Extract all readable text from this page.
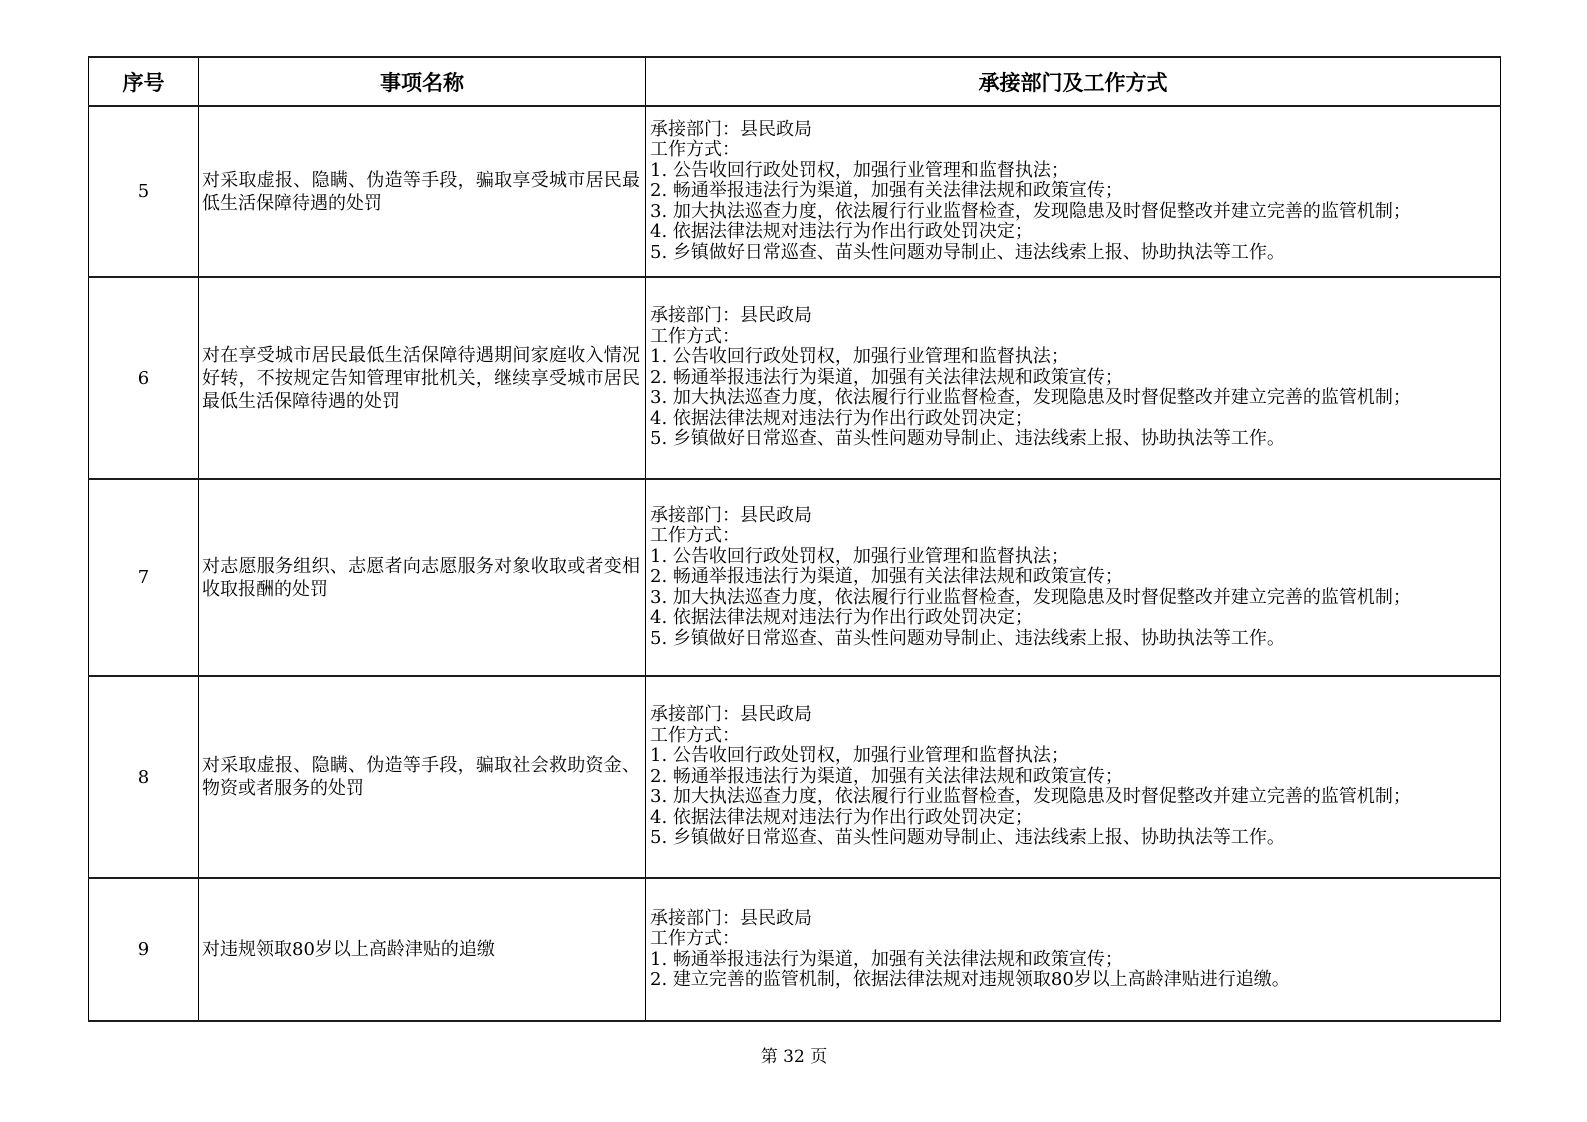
序号	事项名称	承接部门及工作方式
5	对采取虚报、隐瞒、伪造等手段，骗取享受城市居民最低生活保障待遇的处罚	
承接部门：县民政局
工作方式：
1. 公告收回行政处罚权，加强行业管理和监督执法；
2. 畅通举报违法行为渠道，加强有关法律法规和政策宣传；
3. 加大执法巡查力度，依法履行行业监督检查，发现隐患及时督促整改并建立完善的监管机制；
4. 依据法律法规对违法行为作出行政处罚决定；
5. 乡镇做好日常巡查、苗头性问题劝导制止、违法线索上报、协助执法等工作。

6	对在享受城市居民最低生活保障待遇期间家庭收入情况好转，不按规定告知管理审批机关，继续享受城市居民最低生活保障待遇的处罚	
承接部门：县民政局
工作方式：
1. 公告收回行政处罚权，加强行业管理和监督执法；
2. 畅通举报违法行为渠道，加强有关法律法规和政策宣传；
3. 加大执法巡查力度，依法履行行业监督检查，发现隐患及时督促整改并建立完善的监管机制；
4. 依据法律法规对违法行为作出行政处罚决定；
5. 乡镇做好日常巡查、苗头性问题劝导制止、违法线索上报、协助执法等工作。

7	对志愿服务组织、志愿者向志愿服务对象收取或者变相收取报酬的处罚	
承接部门：县民政局
工作方式：
1. 公告收回行政处罚权，加强行业管理和监督执法；
2. 畅通举报违法行为渠道，加强有关法律法规和政策宣传；
3. 加大执法巡查力度，依法履行行业监督检查，发现隐患及时督促整改并建立完善的监管机制；
4. 依据法律法规对违法行为作出行政处罚决定；
5. 乡镇做好日常巡查、苗头性问题劝导制止、违法线索上报、协助执法等工作。

8	对采取虚报、隐瞒、伪造等手段，骗取社会救助资金、物资或者服务的处罚	
承接部门：县民政局
工作方式：
1. 公告收回行政处罚权，加强行业管理和监督执法；
2. 畅通举报违法行为渠道，加强有关法律法规和政策宣传；
3. 加大执法巡查力度，依法履行行业监督检查，发现隐患及时督促整改并建立完善的监管机制；
4. 依据法律法规对违法行为作出行政处罚决定；
5. 乡镇做好日常巡查、苗头性问题劝导制止、违法线索上报、协助执法等工作。

9	对违规领取80岁以上高龄津贴的追缴	承接部门：县民政局
工作方式：
1. 畅通举报违法行为渠道，加强有关法律法规和政策宣传；
2. 建立完善的监管机制，依据法律法规对违规领取80岁以上高龄津贴进行追缴。
第 32 页
